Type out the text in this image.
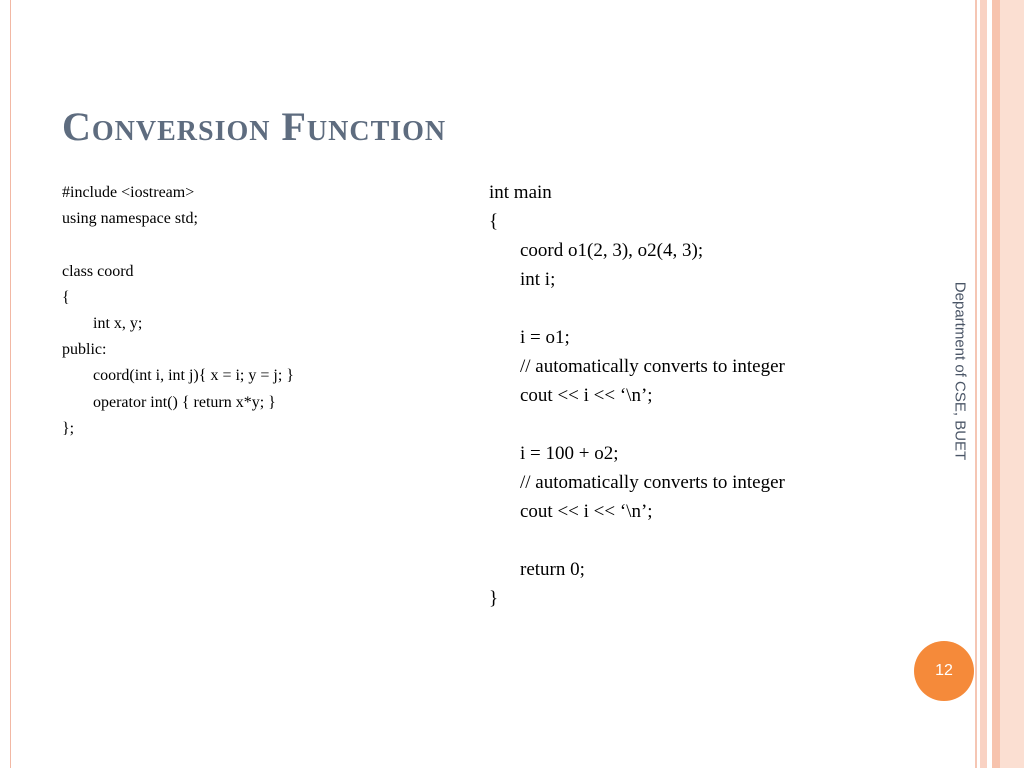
Conversion Function
#include <iostream>
using namespace std;
class coord
{
int x, y;
public:
coord(int i, int j){ x = i; y = j; }
operator int() { return x*y; }
};
int main
{
coord o1(2, 3), o2(4, 3);
int i;
i = o1;
// automatically converts to integer
cout << i << ‘\n’;
i = 100 + o2;
// automatically converts to integer
cout << i << ‘\n’;
return 0;
}
Department of CSE, BUET
12
